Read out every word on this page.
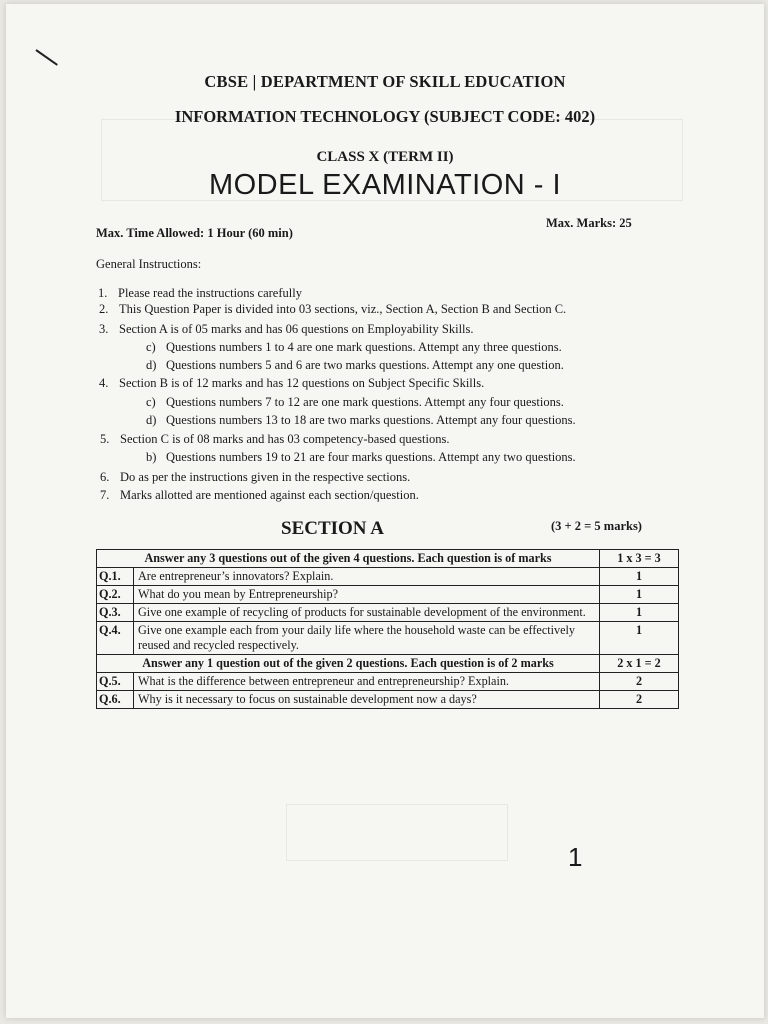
CBSE | DEPARTMENT OF SKILL EDUCATION
INFORMATION TECHNOLOGY (SUBJECT CODE: 402)
CLASS X (TERM II)
MODEL EXAMINATION - I
Max. Time Allowed: 1 Hour (60 min)
Max. Marks: 25
General Instructions:
1. Please read the instructions carefully
2. This Question Paper is divided into 03 sections, viz., Section A, Section B and Section C.
3. Section A is of 05 marks and has 06 questions on Employability Skills.
c) Questions numbers 1 to 4 are one mark questions. Attempt any three questions.
d) Questions numbers 5 and 6 are two marks questions. Attempt any one question.
4. Section B is of 12 marks and has 12 questions on Subject Specific Skills.
c) Questions numbers 7 to 12 are one mark questions. Attempt any four questions.
d) Questions numbers 13 to 18 are two marks questions. Attempt any four questions.
5. Section C is of 08 marks and has 03 competency-based questions.
b) Questions numbers 19 to 21 are four marks questions. Attempt any two questions.
6. Do as per the instructions given in the respective sections.
7. Marks allotted are mentioned against each section/question.
SECTION A	(3 + 2 = 5 marks)
Answer any 3 questions out of the given 4 questions. Each question is of marks		1 x 3 = 3
Q.1.	Are entrepreneur’s innovators? Explain.	1
Q.2.	What do you mean by Entrepreneurship?	1
Q.3.	Give one example of recycling of products for sustainable development of the environment.	1
Q.4.	Give one example each from your daily life where the household waste can be effectively reused and recycled respectively.	1
Answer any 1 question out of the given 2 questions. Each question is of 2 marks		2 x 1 = 2
Q.5.	What is the difference between entrepreneur and entrepreneurship? Explain.	2
Q.6.	Why is it necessary to focus on sustainable development now a days?	2
1
